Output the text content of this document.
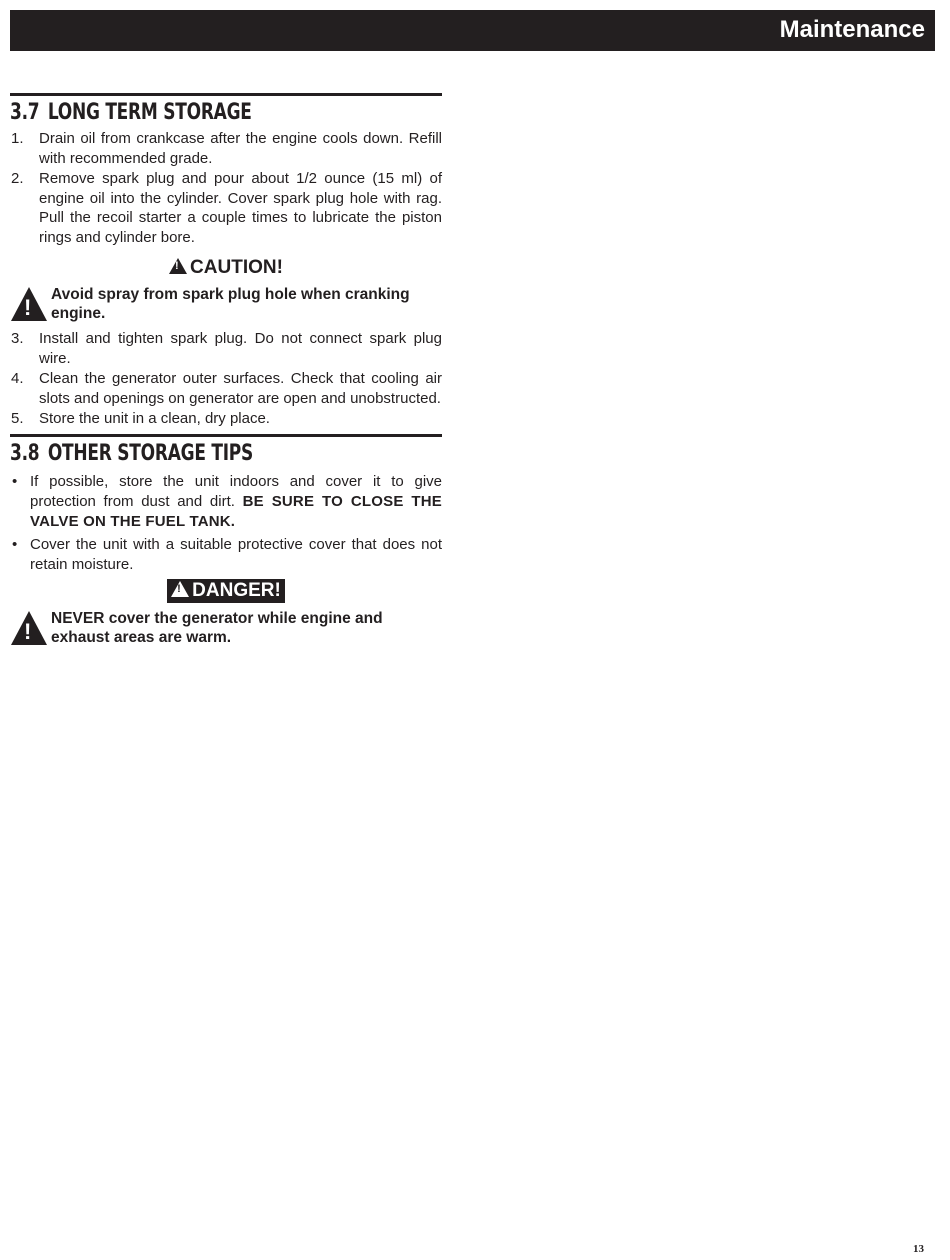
Maintenance
3.7 LONG TERM STORAGE
1. Drain oil from crankcase after the engine cools down. Refill with recommended grade.
2. Remove spark plug and pour about 1/2 ounce (15 ml) of engine oil into the cylinder. Cover spark plug hole with rag. Pull the recoil starter a couple times to lubricate the piston rings and cylinder bore.
!CAUTION!
!
Avoid spray from spark plug hole when cranking engine.
3. Install and tighten spark plug. Do not connect spark plug wire.
4. Clean the generator outer surfaces. Check that cooling air slots and openings on generator are open and unobstructed.
5. Store the unit in a clean, dry place.
3.8 OTHER STORAGE TIPS
• If possible, store the unit indoors and cover it to give protection from dust and dirt. BE SURE TO CLOSE THE VALVE ON THE FUEL TANK.
• Cover the unit with a suitable protective cover that does not retain moisture.
!DANGER!
!
NEVER cover the generator while engine and exhaust areas are warm.
13
